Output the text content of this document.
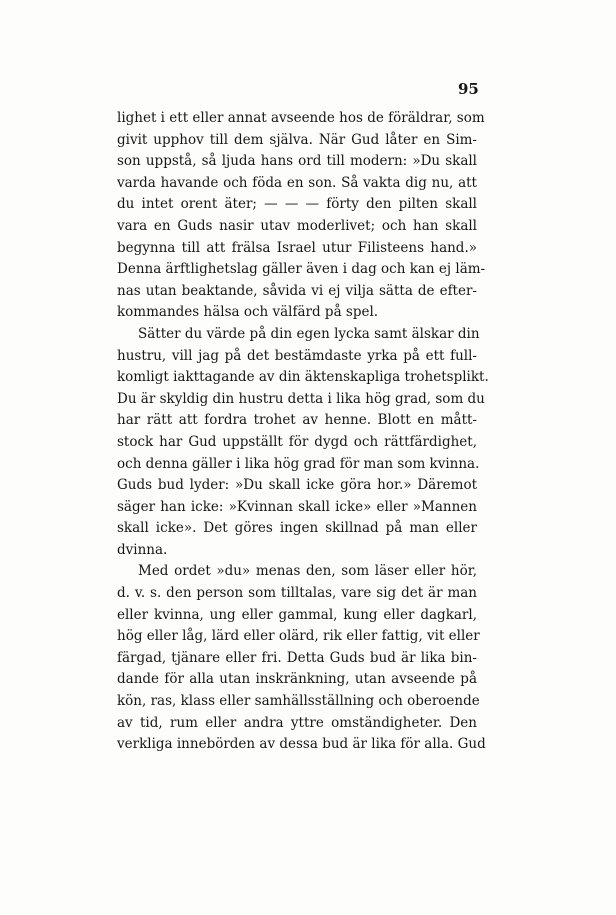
95
lighet i ett eller annat avseende hos de föräldrar, som
givit upphov till dem själva. När Gud låter en Sim-
son uppstå, så ljuda hans ord till modern: »Du skall
varda havande och föda en son. Så vakta dig nu, att
du intet orent äter; — — — förty den pilten skall
vara en Guds nasir utav moderlivet; och han skall
begynna till att frälsa Israel utur Filisteens hand.»
Denna ärftlighetslag gäller även i dag och kan ej läm-
nas utan beaktande, såvida vi ej vilja sätta de efter-
kommandes hälsa och välfärd på spel.
Sätter du värde på din egen lycka samt älskar din
hustru, vill jag på det bestämdaste yrka på ett full-
komligt iakttagande av din äktenskapliga trohetsplikt.
Du är skyldig din hustru detta i lika hög grad, som du
har rätt att fordra trohet av henne. Blott en mått-
stock har Gud uppställt för dygd och rättfärdighet,
och denna gäller i lika hög grad för man som kvinna.
Guds bud lyder: »Du skall icke göra hor.» Däremot
säger han icke: »Kvinnan skall icke» eller »Mannen
skall icke». Det göres ingen skillnad på man eller
dvinna.
Med ordet »du» menas den, som läser eller hör,
d. v. s. den person som tilltalas, vare sig det är man
eller kvinna, ung eller gammal, kung eller dagkarl,
hög eller låg, lärd eller olärd, rik eller fattig, vit eller
färgad, tjänare eller fri. Detta Guds bud är lika bin-
dande för alla utan inskränkning, utan avseende på
kön, ras, klass eller samhällsställning och oberoende
av tid, rum eller andra yttre omständigheter. Den
verkliga innebörden av dessa bud är lika för alla. Gud
